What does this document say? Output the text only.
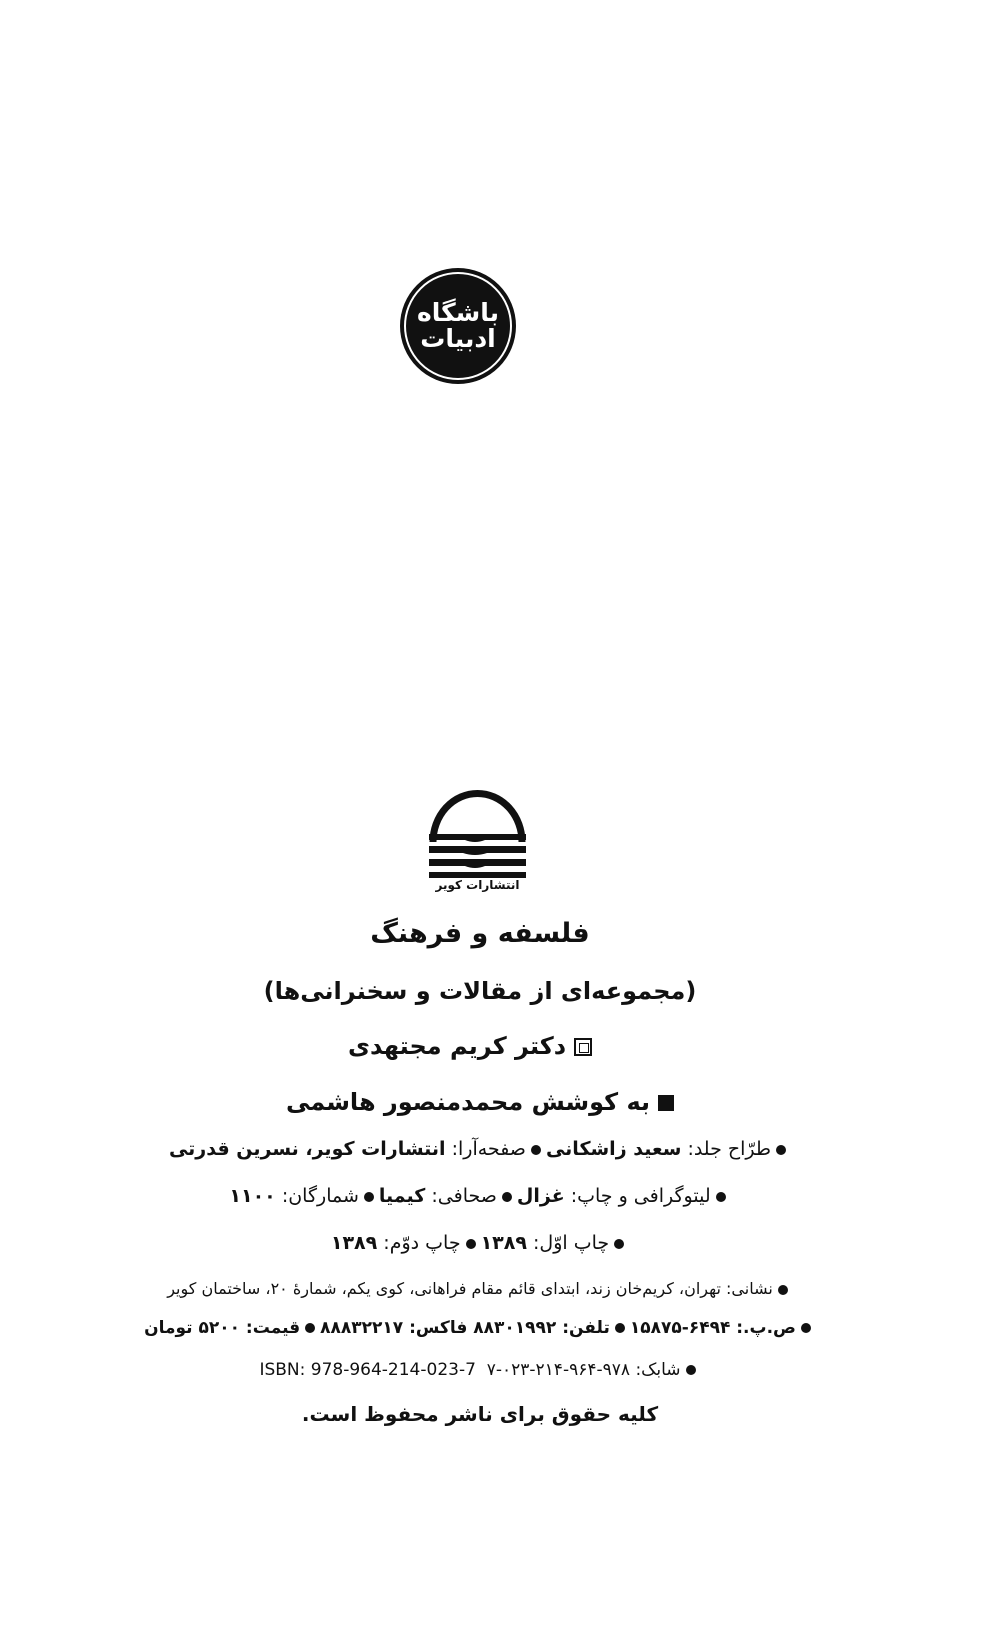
باشگاه
ادبیات
انتشارات کویر
فلسفه و فرهنگ
(مجموعه‌ای از مقالات و سخنرانی‌ها)
دکتر کریم مجتهدی
به کوشش محمدمنصور هاشمی
طرّاح جلد: سعید زاشکانیصفحه‌آرا: انتشارات کویر، نسرین قدرتی
لیتوگرافی و چاپ: غزالصحافی: کیمیاشمارگان: ۱۱۰۰
چاپ اوّل: ۱۳۸۹چاپ دوّم: ۱۳۸۹
نشانی: تهران، کریم‌خان زند، ابتدای قائم مقام فراهانی، کوی یکم، شمارهٔ ۲۰، ساختمان کویر
ص.پ.: ۶۴۹۴-۱۵۸۷۵تلفن: ۸۸۳۰۱۹۹۲ فاکس: ۸۸۸۳۲۲۱۷قیمت: ۵۲۰۰ تومان
شابک: ۹۷۸-۹۶۴-۲۱۴-۰۲۳-۷  ISBN: 978-964-214-023-7
کلیه حقوق برای ناشر محفوظ است.
